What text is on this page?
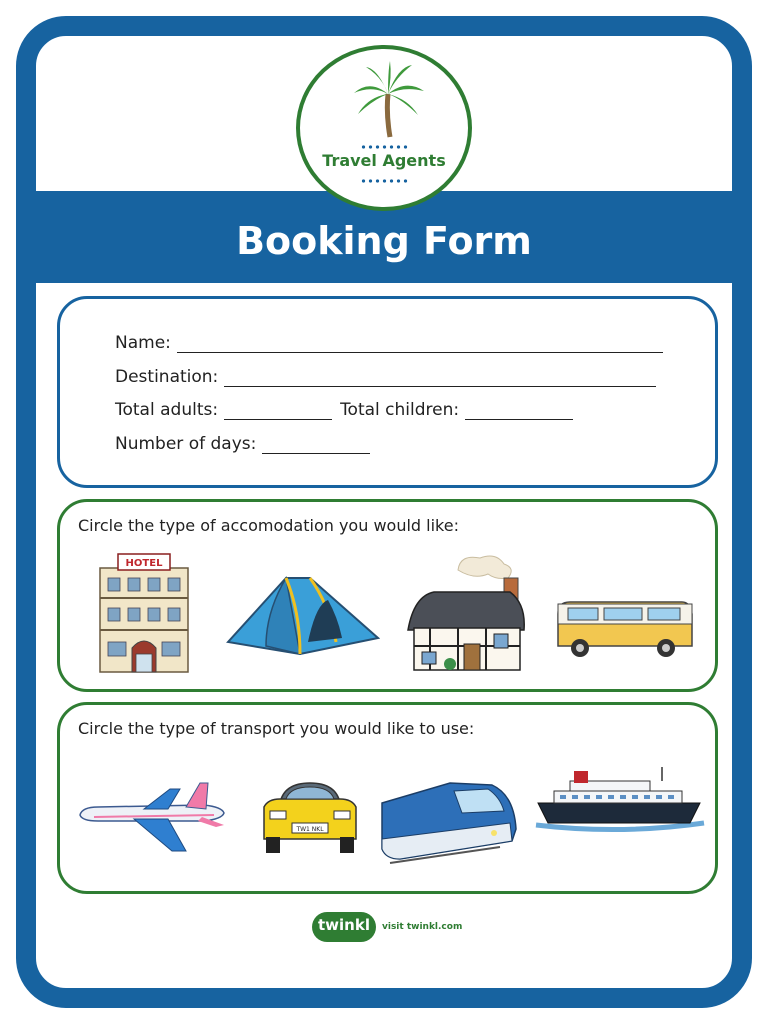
Booking Form
Travel Agents
Name:
Destination:
Total adults:	Total children:
Number of days:

Circle the type of accomodation you would like:

HOTEL

Circle the type of transport you would like to use:

TW1 NKL
twinkl	visit twinkl.com
